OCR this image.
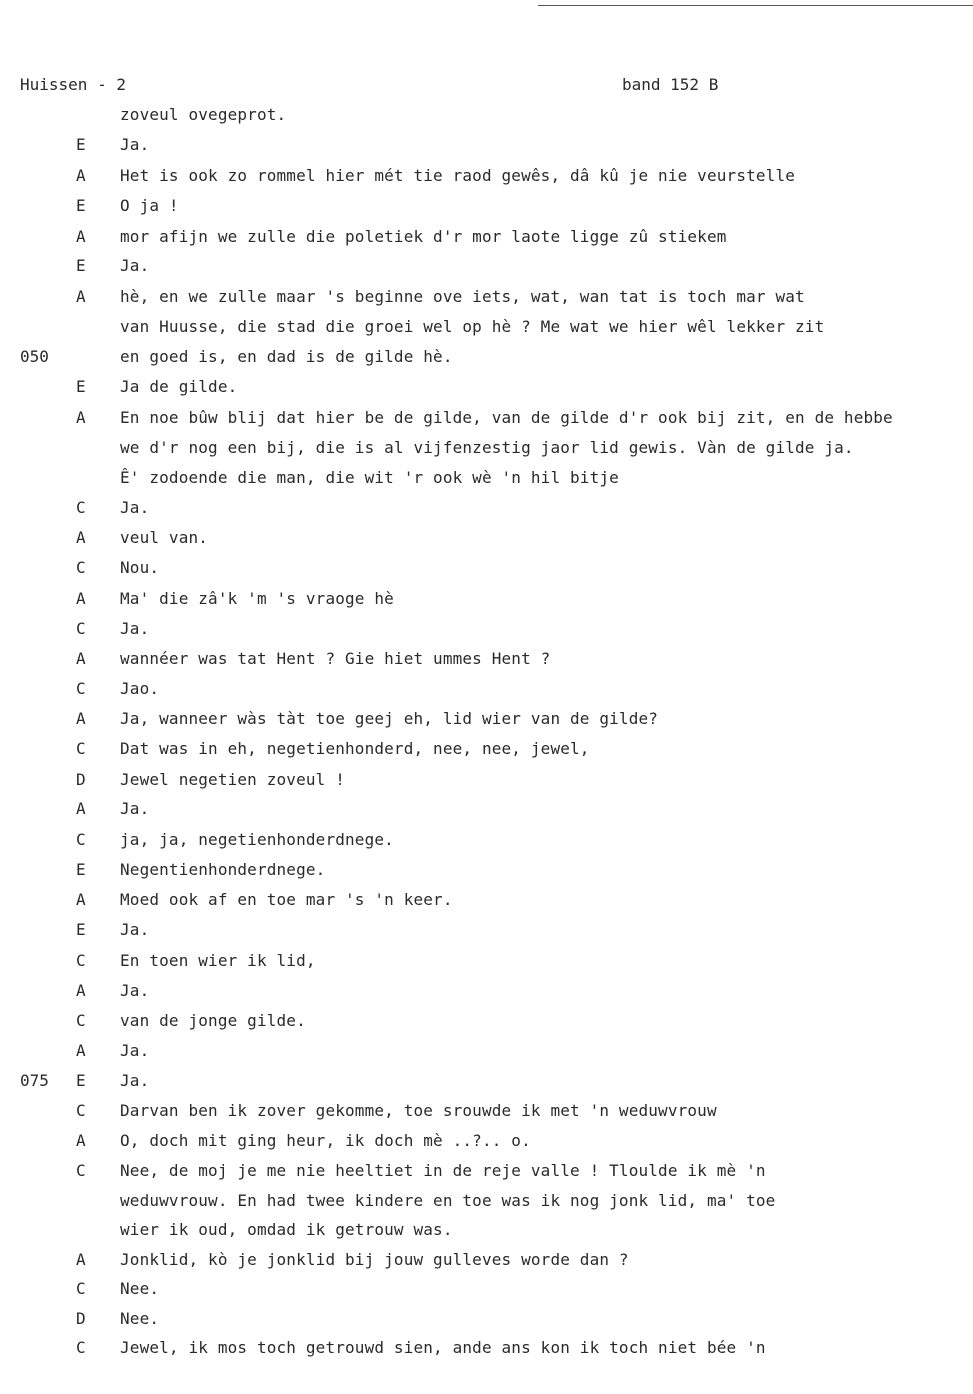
Huissen - 2	band 152 B
zoveul ovegeprot.
E Ja.
A Het is ook zo rommel hier mét tie raod gewês, dâ kû je nie veurstelle
E O ja !
A mor afijn we zulle die poletiek d'r mor laote ligge zû stiekem
E Ja.
A hè, en we zulle maar 's beginne ove iets, wat, wan tat is toch mar wat
van Huusse, die stad die groei wel op hè ? Me wat we hier wêl lekker zit
050	en goed is, en dad is de gilde hè.
E Ja de gilde.
A En noe bûw blij dat hier be de gilde, van de gilde d'r ook bij zit, en de hebbe
we d'r nog een bij, die is al vijfenzestig jaor lid gewis. Vàn de gilde ja.
Ê' zodoende die man, die wit 'r ook wè 'n hil bitje
C Ja.
A veul van.
C Nou.
A Ma' die zâ'k 'm 's vraoge hè
C Ja.
A wannéer was tat Hent ? Gie hiet ummes Hent ?
C Jao.
A Ja, wanneer wàs tàt toe geej eh, lid wier van de gilde?
C Dat was in eh, negetienhonderd, nee, nee, jewel,
D Jewel negetien zoveul !
A Ja.
C ja, ja, negetienhonderdnege.
E Negentienhonderdnege.
A Moed ook af en toe mar 's 'n keer.
E Ja.
C En toen wier ik lid,
A Ja.
C van de jonge gilde.
A Ja.
075 E Ja.
C Darvan ben ik zover gekomme, toe srouwde ik met 'n weduwvrouw
A O, doch mit ging heur, ik doch mè ..?.. o.
C Nee, de moj je me nie heeltiet in de reje valle ! Tloulde ik mè 'n
weduwvrouw. En had twee kindere en toe was ik nog jonk lid, ma' toe
wier ik oud, omdad ik getrouw was.
A Jonklid, kò je jonklid bij jouw gulleves worde dan ?
C Nee.
D Nee.
C Jewel, ik mos toch getrouwd sien, ande ans kon ik toch niet bée 'n
